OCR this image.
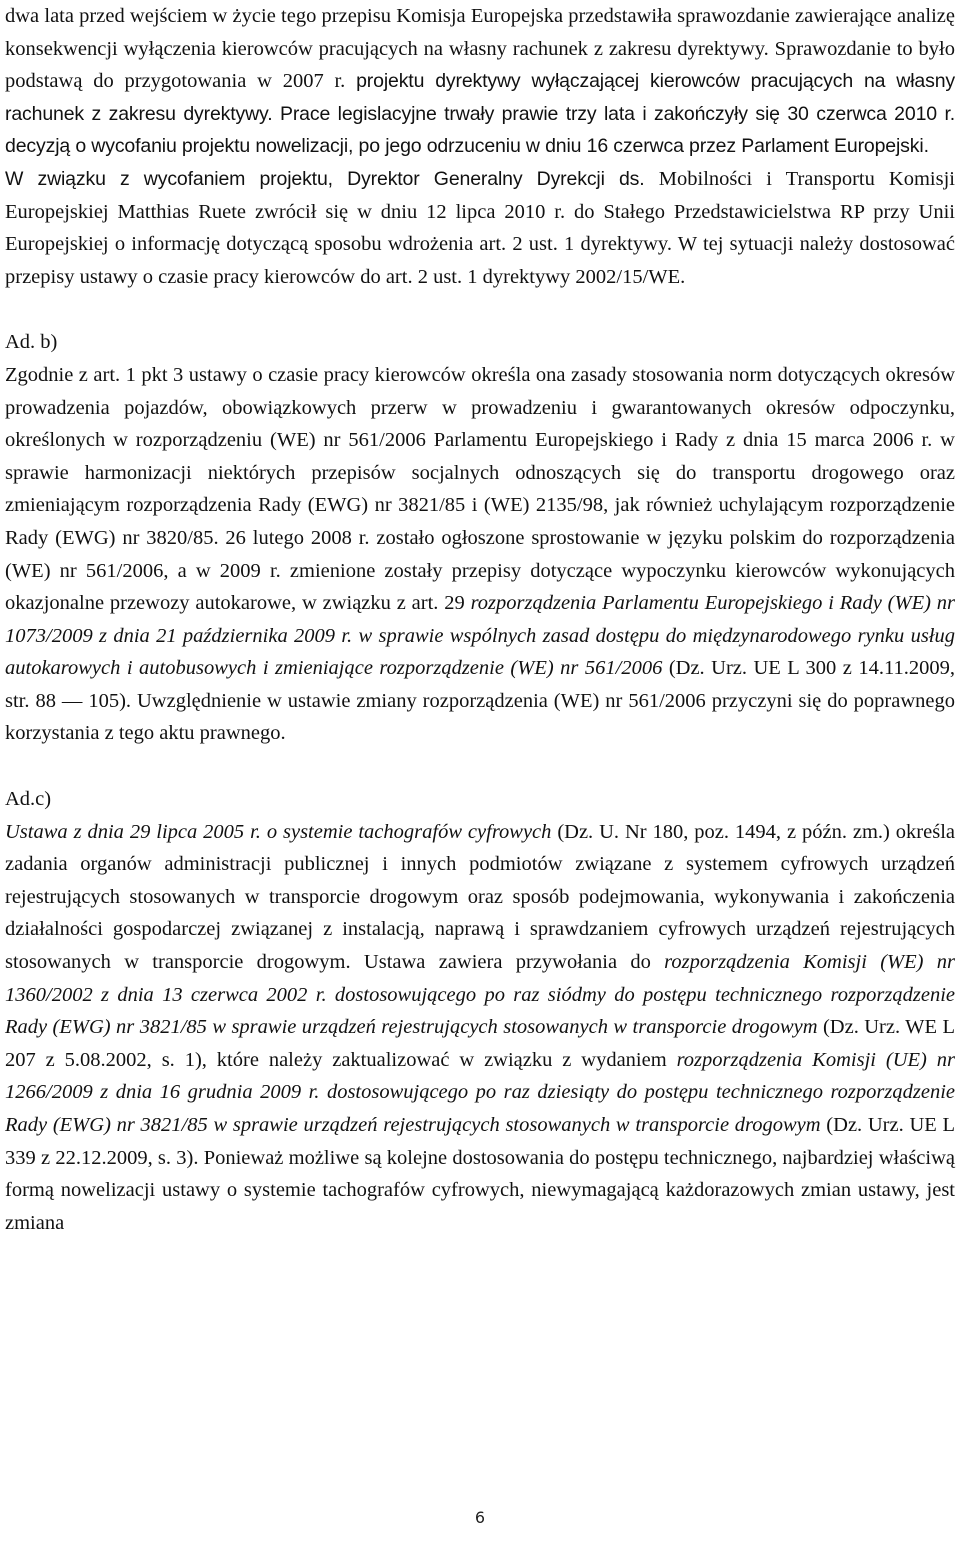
dwa lata przed wejściem w życie tego przepisu Komisja Europejska przedstawiła sprawozdanie zawierające analizę konsekwencji wyłączenia kierowców pracujących na własny rachunek z zakresu dyrektywy. Sprawozdanie to było podstawą do przygotowania w 2007 r. projektu dyrektywy wyłączającej kierowców pracujących na własny rachunek z zakresu dyrektywy. Prace legislacyjne trwały prawie trzy lata i zakończyły się 30 czerwca 2010 r. decyzją o wycofaniu projektu nowelizacji, po jego odrzuceniu w dniu 16 czerwca przez Parlament Europejski.

W związku z wycofaniem projektu, Dyrektor Generalny Dyrekcji ds. Mobilności i Transportu Komisji Europejskiej Matthias Ruete zwrócił się w dniu 12 lipca 2010 r. do Stałego Przedstawicielstwa RP przy Unii Europejskiej o informację dotyczącą sposobu wdrożenia art. 2 ust. 1 dyrektywy. W tej sytuacji należy dostosować przepisy ustawy o czasie pracy kierowców do art. 2 ust. 1 dyrektywy 2002/15/WE.

Ad. b)

Zgodnie z art. 1 pkt 3 ustawy o czasie pracy kierowców określa ona zasady stosowania norm dotyczących okresów prowadzenia pojazdów, obowiązkowych przerw w prowadzeniu i gwarantowanych okresów odpoczynku, określonych w rozporządzeniu (WE) nr 561/2006 Parlamentu Europejskiego i Rady z dnia 15 marca 2006 r. w sprawie harmonizacji niektórych przepisów socjalnych odnoszących się do transportu drogowego oraz zmieniającym rozporządzenia Rady (EWG) nr 3821/85 i (WE) 2135/98, jak również uchylającym rozporządzenie Rady (EWG) nr 3820/85. 26 lutego 2008 r. zostało ogłoszone sprostowanie w języku polskim do rozporządzenia (WE) nr 561/2006, a w 2009 r. zmienione zostały przepisy dotyczące wypoczynku kierowców wykonujących okazjonalne przewozy autokarowe, w związku z art. 29 rozporządzenia Parlamentu Europejskiego i Rady (WE) nr 1073/2009 z dnia 21 października 2009 r. w sprawie wspólnych zasad dostępu do międzynarodowego rynku usług autokarowych i autobusowych i zmieniające rozporządzenie (WE) nr 561/2006 (Dz. Urz. UE L 300 z 14.11.2009, str. 88 — 105). Uwzględnienie w ustawie zmiany rozporządzenia (WE) nr 561/2006 przyczyni się do poprawnego korzystania z tego aktu prawnego.

Ad.c)

Ustawa z dnia 29 lipca 2005 r. o systemie tachografów cyfrowych (Dz. U. Nr 180, poz. 1494, z późn. zm.) określa zadania organów administracji publicznej i innych podmiotów związane z systemem cyfrowych urządzeń rejestrujących stosowanych w transporcie drogowym oraz sposób podejmowania, wykonywania i zakończenia działalności gospodarczej związanej z instalacją, naprawą i sprawdzaniem cyfrowych urządzeń rejestrujących stosowanych w transporcie drogowym. Ustawa zawiera przywołania do rozporządzenia Komisji (WE) nr 1360/2002 z dnia 13 czerwca 2002 r. dostosowującego po raz siódmy do postępu technicznego rozporządzenie Rady (EWG) nr 3821/85 w sprawie urządzeń rejestrujących stosowanych w transporcie drogowym (Dz. Urz. WE L 207 z 5.08.2002, s. 1), które należy zaktualizować w związku z wydaniem rozporządzenia Komisji (UE) nr 1266/2009 z dnia 16 grudnia 2009 r. dostosowującego po raz dziesiąty do postępu technicznego rozporządzenie Rady (EWG) nr 3821/85 w sprawie urządzeń rejestrujących stosowanych w transporcie drogowym (Dz. Urz. UE L 339 z 22.12.2009, s. 3). Ponieważ możliwe są kolejne dostosowania do postępu technicznego, najbardziej właściwą formą nowelizacji ustawy o systemie tachografów cyfrowych, niewymagającą każdorazowych zmian ustawy, jest zmiana

6
